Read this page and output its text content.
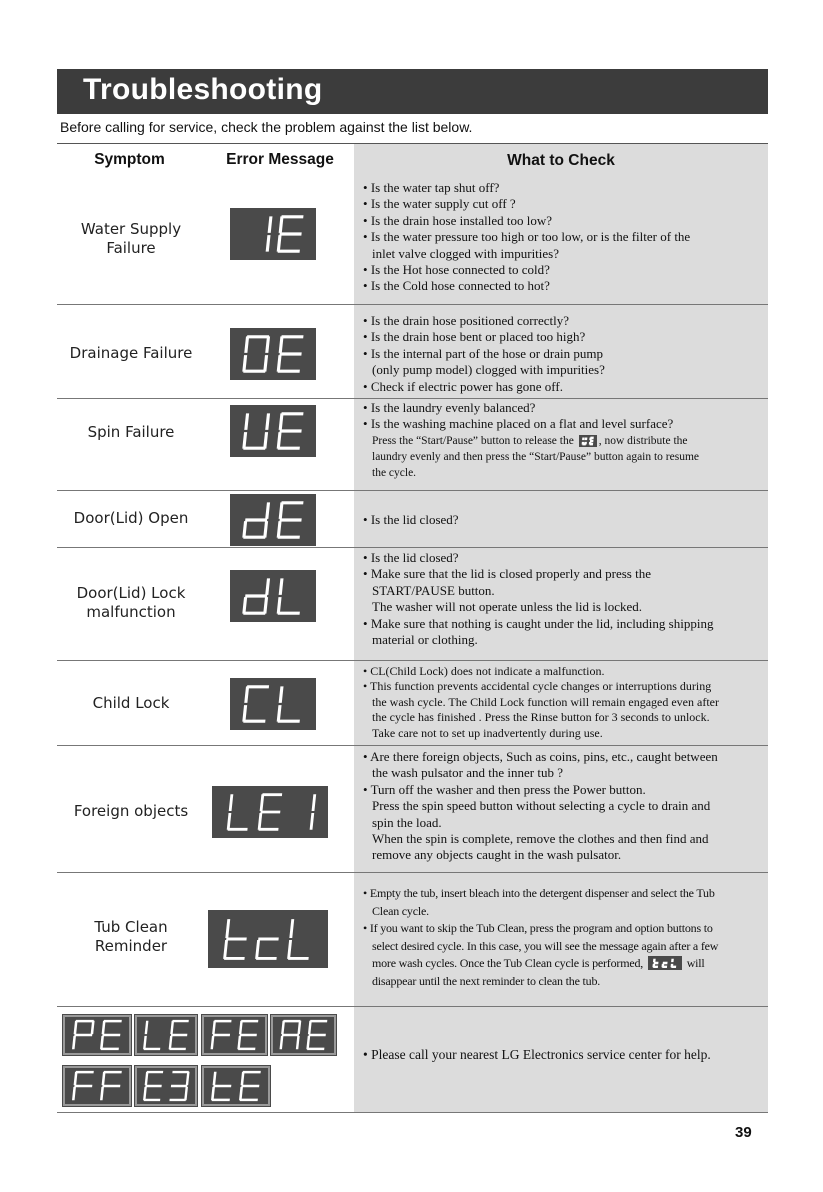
Troubleshooting
Before calling for service, check the problem against the list below.
Symptom	Error Message	What to Check
Water Supply
Failure
• Is the water tap shut off?
• Is the water supply cut off ?
• Is the drain hose installed too low?
• Is the water pressure too high or too low, or is the filter of the
inlet valve clogged with impurities?
• Is the Hot hose connected to cold?
• Is the Cold hose connected to hot?
Drainage Failure
• Is the drain hose positioned correctly?
• Is the drain hose bent or placed too high?
• Is the internal part of the hose or drain pump
(only pump model) clogged with impurities?
• Check if electric power has gone off.
Spin Failure
• Is the laundry evenly balanced?
• Is the washing machine placed on a flat and level surface?
Press the “Start/Pause” button to release the , now distribute the
laundry evenly and then press the “Start/Pause” button again to resume
the cycle.
Door(Lid) Open
•	Is the lid closed?
Door(Lid) Lock
malfunction
• Is the lid closed?
• Make sure that the lid is closed properly and press the
START/PAUSE button.
The washer will not operate unless the lid is locked.
• Make sure that nothing is caught under the lid, including shipping
material or clothing.
Child Lock
• CL(Child Lock) does not indicate a malfunction.
• This function prevents accidental cycle changes or interruptions during
the wash cycle. The Child Lock function will remain engaged even after
the cycle has finished . Press the Rinse button for 3 seconds to unlock.
Take care not to set up inadvertently during use.
Foreign objects
• Are there foreign objects, Such as coins, pins, etc., caught between
the wash pulsator and the inner tub ?
• Turn off the washer and then press the Power button.
Press the spin speed button without selecting a cycle to drain and
spin the load.
When the spin is complete, remove the clothes and then find and
remove any objects caught in the wash pulsator.
Tub Clean
Reminder
• Empty the tub, insert bleach into the detergent dispenser and select the Tub
Clean cycle.
• If you want to skip the Tub Clean, press the program and option buttons to
select desired cycle. In this case, you will see the message again after a few
more wash cycles. Once the Tub Clean cycle is performed,	will
disappear until the next reminder to clean the tub.
• Please call your nearest LG Electronics service center for help.
39
